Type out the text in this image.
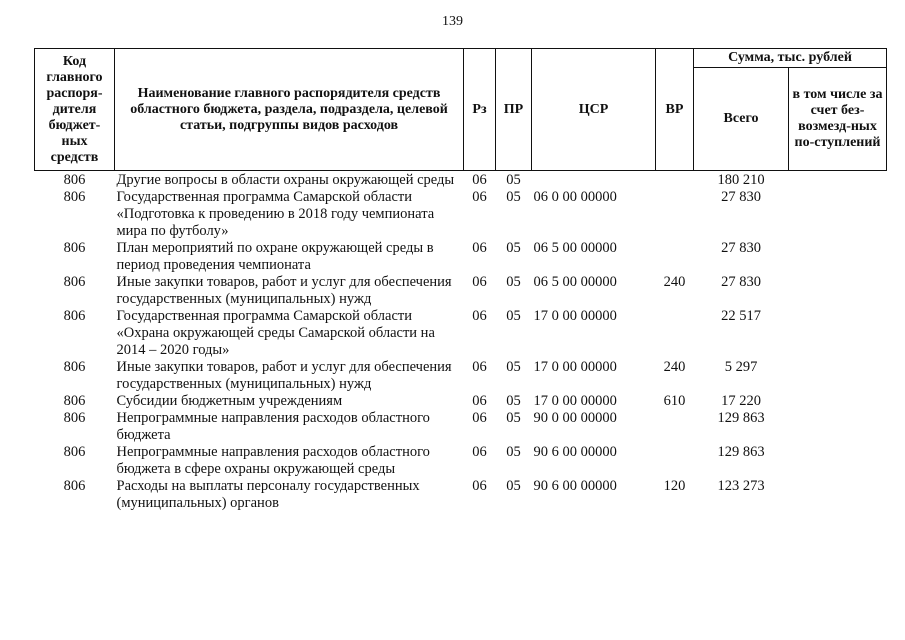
139
Код главного распоря-дителя бюджет-ных средств	Наименование главного распорядителя средств областного бюджета, раздела, подраздела, целевой статьи, подгруппы видов расходов	Рз	ПР	ЦСР	ВР	Сумма, тыс. рублей	
						Всего	в том числе за счет без-возмезд-ных по-ступлений
806	Другие вопросы в области охраны окружающей среды	06	05			180 210	
806	Государственная программа Самарской области «Подготовка к проведению в 2018 году чемпионата мира по футболу»	06	05	06 0 00 00000		27 830	
806	План мероприятий по охране окружающей среды в период проведения чемпионата	06	05	06 5 00 00000		27 830	
806	Иные закупки товаров, работ и услуг для обеспечения государственных (муниципальных) нужд	06	05	06 5 00 00000	240	27 830	
806	Государственная программа Самарской области «Охрана окружающей среды Самарской области на 2014 – 2020 годы»	06	05	17 0 00 00000		22 517	
806	Иные закупки товаров, работ и услуг для обеспечения государственных (муниципальных) нужд	06	05	17 0 00 00000	240	5 297	
806	Субсидии бюджетным учреждениям	06	05	17 0 00 00000	610	17 220	
806	Непрограммные направления расходов областного бюджета	06	05	90 0 00 00000		129 863	
806	Непрограммные направления расходов областного бюджета в сфере охраны окружающей среды	06	05	90 6 00 00000		129 863	
806	Расходы на выплаты персоналу государственных (муниципальных) органов	06	05	90 6 00 00000	120	123 273	
